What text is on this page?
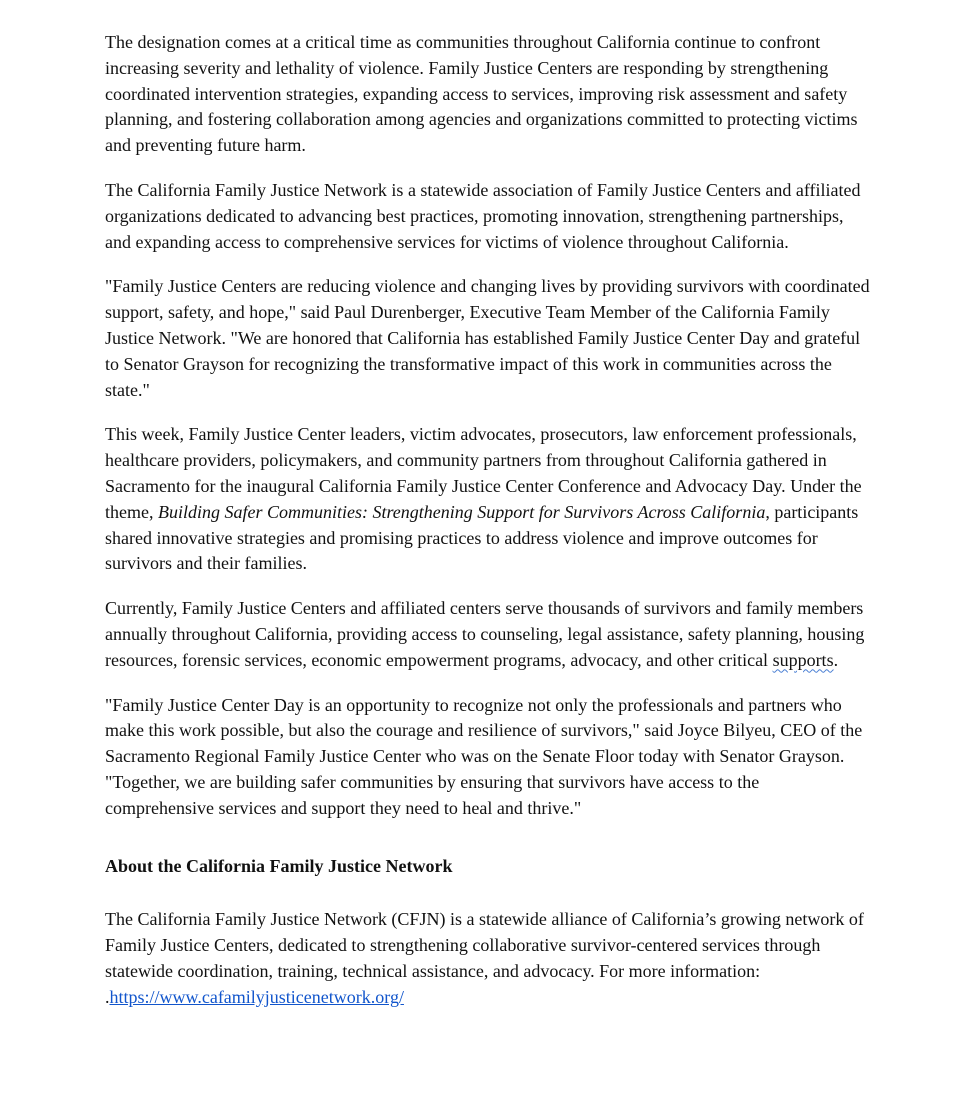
The designation comes at a critical time as communities throughout California continue to confront increasing severity and lethality of violence. Family Justice Centers are responding by strengthening coordinated intervention strategies, expanding access to services, improving risk assessment and safety planning, and fostering collaboration among agencies and organizations committed to protecting victims and preventing future harm.

The California Family Justice Network is a statewide association of Family Justice Centers and affiliated organizations dedicated to advancing best practices, promoting innovation, strengthening partnerships, and expanding access to comprehensive services for victims of violence throughout California.

"Family Justice Centers are reducing violence and changing lives by providing survivors with coordinated support, safety, and hope," said Paul Durenberger, Executive Team Member of the California Family Justice Network. "We are honored that California has established Family Justice Center Day and grateful to Senator Grayson for recognizing the transformative impact of this work in communities across the state."

This week, Family Justice Center leaders, victim advocates, prosecutors, law enforcement professionals, healthcare providers, policymakers, and community partners from throughout California gathered in Sacramento for the inaugural California Family Justice Center Conference and Advocacy Day. Under the theme, Building Safer Communities: Strengthening Support for Survivors Across California, participants shared innovative strategies and promising practices to address violence and improve outcomes for survivors and their families.

Currently, Family Justice Centers and affiliated centers serve thousands of survivors and family members annually throughout California, providing access to counseling, legal assistance, safety planning, housing resources, forensic services, economic empowerment programs, advocacy, and other critical supports.

"Family Justice Center Day is an opportunity to recognize not only the professionals and partners who make this work possible, but also the courage and resilience of survivors," said Joyce Bilyeu, CEO of the Sacramento Regional Family Justice Center who was on the Senate Floor today with Senator Grayson. "Together, we are building safer communities by ensuring that survivors have access to the comprehensive services and support they need to heal and thrive."

About the California Family Justice Network

The California Family Justice Network (CFJN) is a statewide alliance of California’s growing network of Family Justice Centers, dedicated to strengthening collaborative survivor-centered services through statewide coordination, training, technical assistance, and advocacy. For more information: .https://www.cafamilyjusticenetwork.org/
